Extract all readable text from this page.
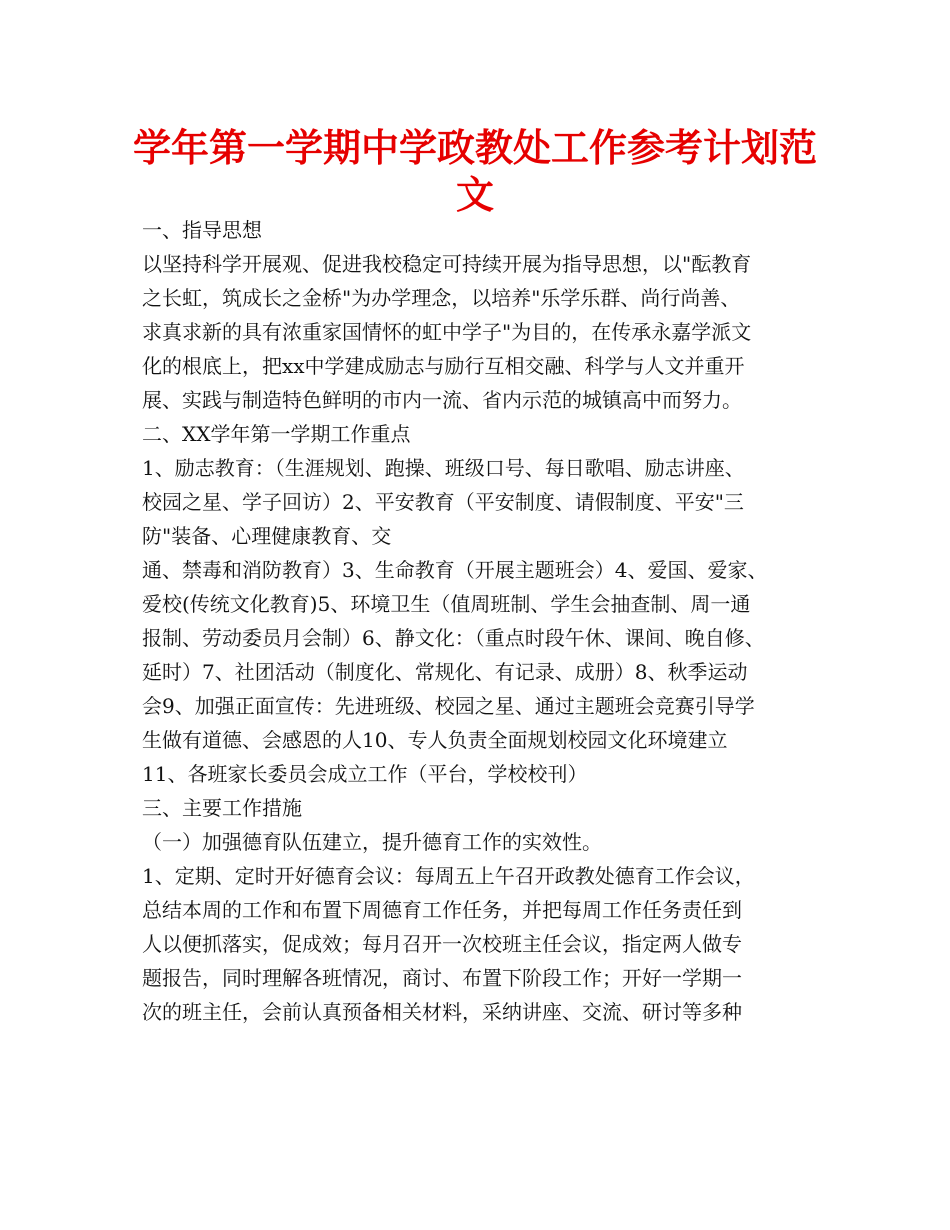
学年第一学期中学政教处工作参考计划范
文

一、指导思想

以坚持科学开展观、促进我校稳定可持续开展为指导思想，以"酝教育

之长虹，筑成长之金桥"为办学理念，以培养"乐学乐群、尚行尚善、

求真求新的具有浓重家国情怀的虹中学子"为目的，在传承永嘉学派文

化的根底上，把xx中学建成励志与励行互相交融、科学与人文并重开

展、实践与制造特色鲜明的市内一流、省内示范的城镇高中而努力。

二、XX学年第一学期工作重点

1、励志教育：（生涯规划、跑操、班级口号、每日歌唱、励志讲座、

校园之星、学子回访）2、平安教育（平安制度、请假制度、平安"三

防"装备、心理健康教育、交

通、禁毒和消防教育）3、生命教育（开展主题班会）4、爱国、爱家、

爱校(传统文化教育)5、环境卫生（值周班制、学生会抽查制、周一通

报制、劳动委员月会制）6、静文化：（重点时段午休、课间、晚自修、

延时）7、社团活动（制度化、常规化、有记录、成册）8、秋季运动

会9、加强正面宣传：先进班级、校园之星、通过主题班会竞赛引导学

生做有道德、会感恩的人10、专人负责全面规划校园文化环境建立

11、各班家长委员会成立工作（平台，学校校刊）

三、主要工作措施

（一）加强德育队伍建立，提升德育工作的实效性。

1、定期、定时开好德育会议：每周五上午召开政教处德育工作会议，

总结本周的工作和布置下周德育工作任务，并把每周工作任务责任到

人以便抓落实，促成效；每月召开一次校班主任会议，指定两人做专

题报告，同时理解各班情况，商讨、布置下阶段工作；开好一学期一

次的班主任，会前认真预备相关材料，采纳讲座、交流、研讨等多种
